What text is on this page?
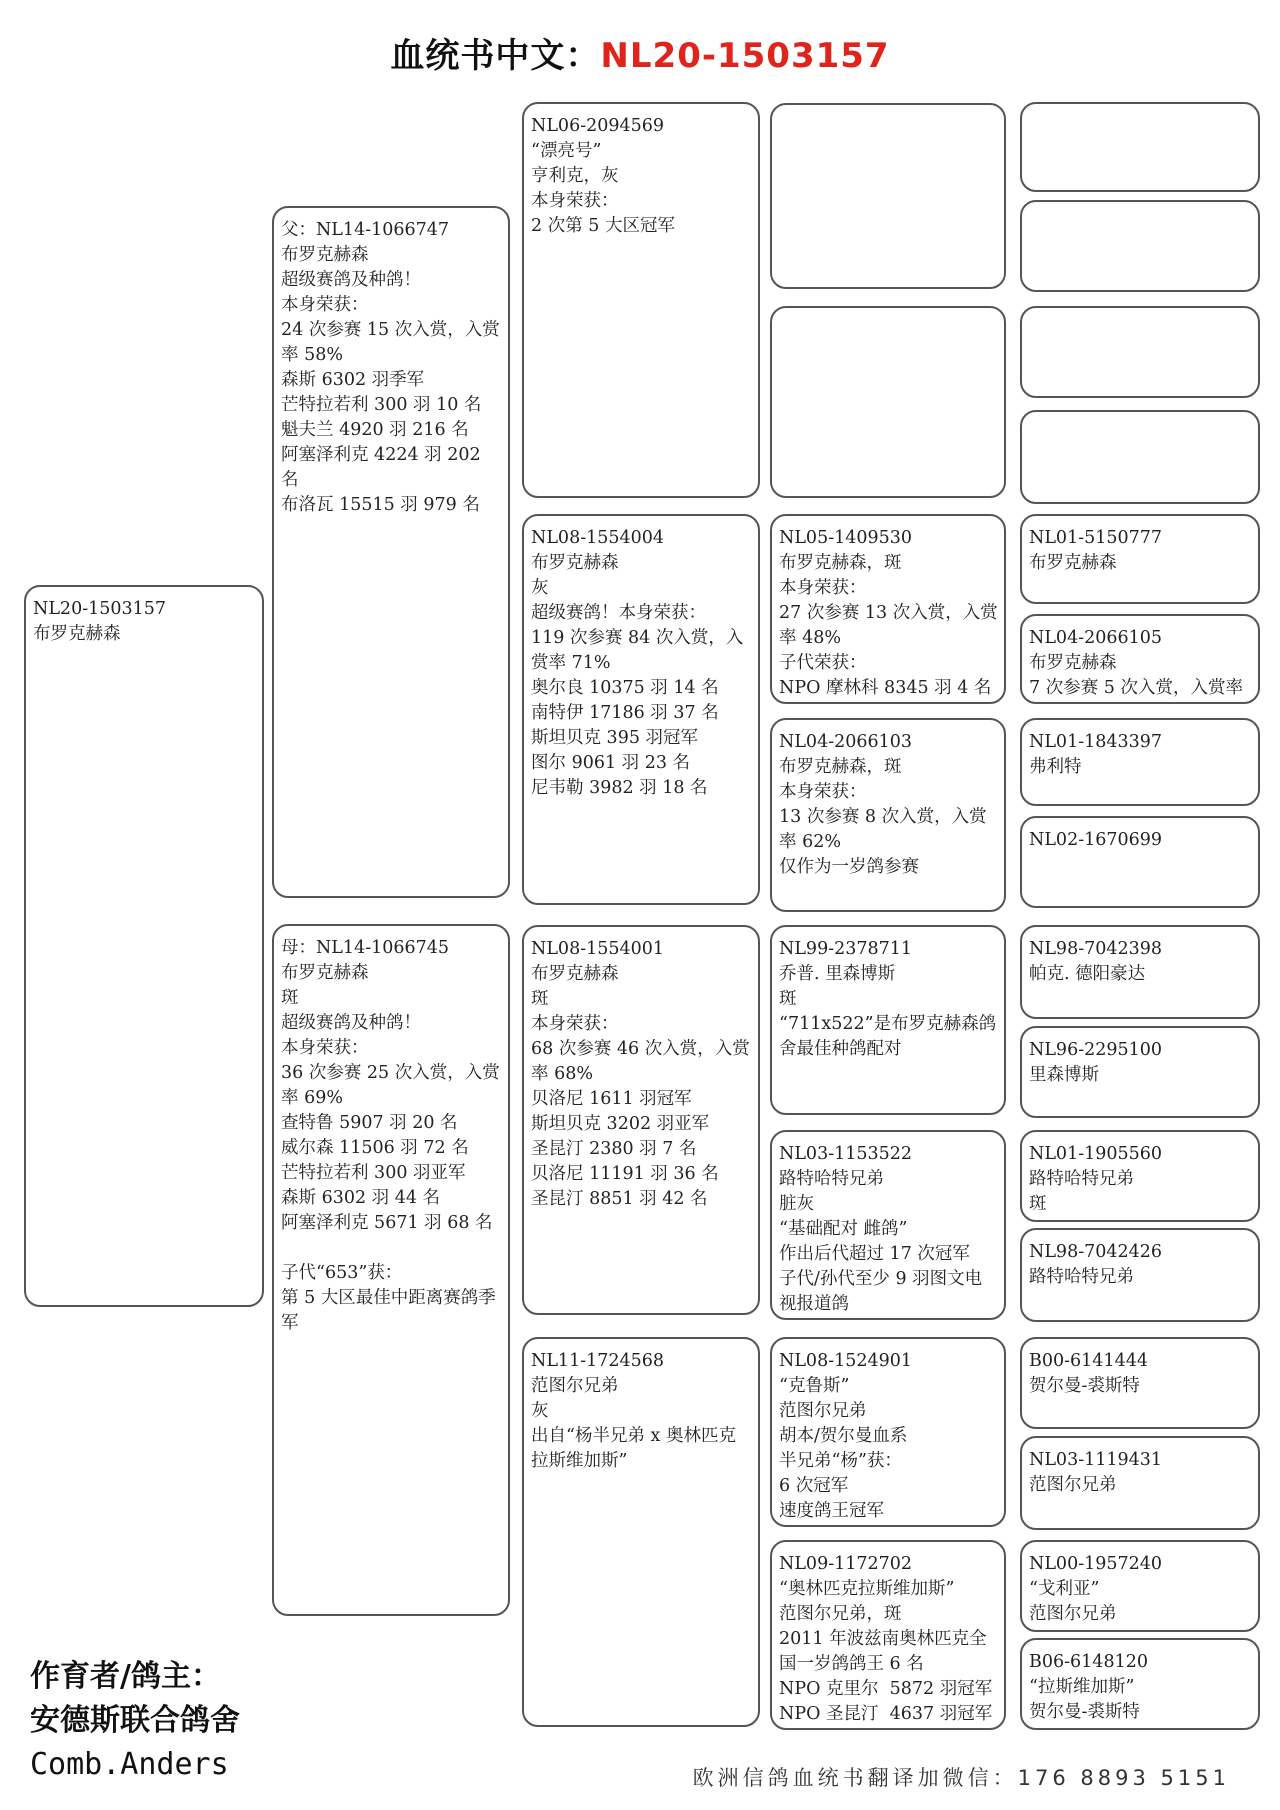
血统书中文：NL20-1503157
NL20-1503157
布罗克赫森
父：NL14-1066747
布罗克赫森
超级赛鸽及种鸽！
本身荣获：
24 次参赛 15 次入赏，入赏率 58%
森斯 6302 羽季军
芒特拉若利 300 羽 10 名
魁夫兰 4920 羽 216 名
阿塞泽利克 4224 羽 202 名
布洛瓦 15515 羽 979 名
母：NL14-1066745
布罗克赫森
斑
超级赛鸽及种鸽！
本身荣获：
36 次参赛 25 次入赏，入赏率 69%
查特鲁 5907 羽 20 名
威尔森 11506 羽 72 名
芒特拉若利 300 羽亚军
森斯 6302 羽 44 名
阿塞泽利克 5671 羽 68 名

子代“653”获：
第 5 大区最佳中距离赛鸽季军
NL06-2094569
“漂亮号”
亨利克，灰
本身荣获：
2 次第 5 大区冠军
NL08-1554004
布罗克赫森
灰
超级赛鸽！本身荣获：
119 次参赛 84 次入赏，入赏率 71%
奥尔良 10375 羽 14 名
南特伊 17186 羽 37 名
斯坦贝克 395 羽冠军
图尔 9061 羽 23 名
尼韦勒 3982 羽 18 名
NL08-1554001
布罗克赫森
斑
本身荣获：
68 次参赛 46 次入赏，入赏率 68%
贝洛尼 1611 羽冠军
斯坦贝克 3202 羽亚军
圣昆汀 2380 羽 7 名
贝洛尼 11191 羽 36 名
圣昆汀 8851 羽 42 名
NL11-1724568
范图尔兄弟
灰
出自“杨半兄弟 x 奥林匹克拉斯维加斯”
NL05-1409530
布罗克赫森，斑
本身荣获：
27 次参赛 13 次入赏，入赏率 48%
子代荣获：
NPO 摩林科 8345 羽 4 名
NL04-2066103
布罗克赫森，斑
本身荣获：
13 次参赛 8 次入赏，入赏率 62%
仅作为一岁鸽参赛
NL99-2378711
乔普. 里森博斯
斑
“711x522”是布罗克赫森鸽舍最佳种鸽配对
NL03-1153522
路特哈特兄弟
脏灰
“基础配对 雌鸽”
作出后代超过 17 次冠军
子代/孙代至少 9 羽图文电视报道鸽
NL08-1524901
“克鲁斯”
范图尔兄弟
胡本/贺尔曼血系
半兄弟“杨”获：
6 次冠军
速度鸽王冠军
NL09-1172702
“奥林匹克拉斯维加斯”
范图尔兄弟，斑
2011 年波兹南奥林匹克全国一岁鸽鸽王 6 名
NPO 克里尔  5872 羽冠军
NPO 圣昆汀  4637 羽冠军
NL01-5150777
布罗克赫森
NL04-2066105
布罗克赫森
7 次参赛 5 次入赏，入赏率
NL01-1843397
弗利特
NL02-1670699
NL98-7042398
帕克. 德阳豪达
NL96-2295100
里森博斯
NL01-1905560
路特哈特兄弟
斑
NL98-7042426
路特哈特兄弟
B00-6141444
贺尔曼-裘斯特
NL03-1119431
范图尔兄弟
NL00-1957240
“戈利亚”
范图尔兄弟
B06-6148120
“拉斯维加斯”
贺尔曼-裘斯特
作育者/鸽主：
安德斯联合鸽舍
Comb.Anders	欧洲信鸽血统书翻译加微信：176 8893 5151
